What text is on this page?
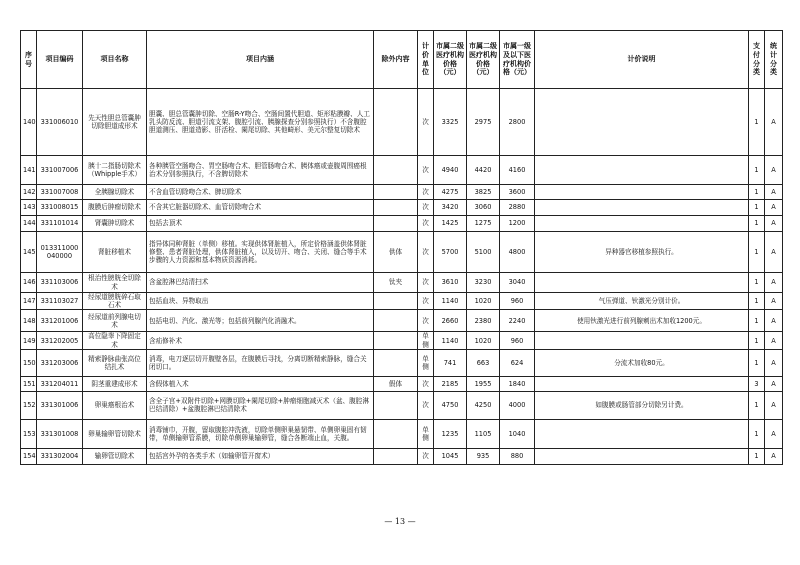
序号	项目编码	项目名称	项目内涵	除外内容	计价单位	市属二级医疗机构价格（元）	市属二级医疗机构价格（元）	市属一级及以下医疗机构价格（元）	计价说明	支付分类	统计分类
140	331006010	先天性胆总管囊肿切除胆道成形术	胆囊、胆总管囊肿切除、空肠R-Y吻合、空肠间置代胆道、矩形粘膜瓣、人工乳头防反流、胆道引流支架、腹腔引流、胰腺探查分别参照执行）不含腹腔胆道测压、胆道造影、肝活检、阑尾切除、其他畸形、美元尔整复切除术		次	3325	2975	2800		1	A
141	331007006	胰十二指肠切除术（Whipple手术）	各种胰管空肠吻合、胃空肠吻合术、胆管肠吻合术、胰体癌或壶腹周围癌根治术分别参照执行，不含脾切除术		次	4940	4420	4160		1	A
142	331007008	全胰腺切除术	不含血管切除吻合术、脾切除术		次	4275	3825	3600		1	A
143	331008015	腹膜后肿瘤切除术	不含其它脏器切除术、血管切除吻合术		次	3420	3060	2880		1	A
144	331101014	肾囊肿切除术	包括去顶术		次	1425	1275	1200		1	A
145	013311000040000	肾脏移植术	指异体同种肾脏（单侧）移植。实现供体肾脏植入，所定价格涵盖供体肾脏修整、患者肾脏处理，供体肾脏植入，以及切开、吻合、关闭、缝合等手术步骤的人力资源和基本物质资源消耗。	供体	次	5700	5100	4800	异种器官移植参照执行。	1	A
146	331103006	根治性膀胱全切除术	含盆腔淋巴结清扫术	钛夹	次	3610	3230	3040		1	A
147	331103027	经尿道膀胱碎石取石术	包括血块、异物取出		次	1140	1020	960	气压弹道、钬激光分别计价。	1	A
148	331201006	经尿道前列腺电切术	包括电切、汽化、激光等；包括前列腺汽化消融术。		次	2660	2380	2240	使用钬激光进行前列腺剜出术加收1200元。	1	A
149	331202005	高位隐睾下降固定术	含疝修补术		单侧	1140	1020	960		1	A
150	331203006	精索静脉曲张高位结扎术	消毒，电刀逐层切开腹壁各层，在腹膜后寻找，分离切断精索静脉，缝合关闭切口。		单侧	741	663	624	分流术加收80元。	1	A
151	331204011	阴茎重建成形术	含假体植入术	假体	次	2185	1955	1840		3	A
152	331301006	卵巢癌根治术	含全子宫+双附件切除+网膜切除+阑尾切除+肿瘤细胞减灭术（盆、腹腔淋巴结清除）+盆腹腔淋巴结清除术		次	4750	4250	4000	如腹膜或肠管部分切除另计费。	1	A
153	331301008	卵巢输卵管切除术	消毒铺巾，开腹，留取腹腔冲洗液，切除单侧卵巢悬韧带、单侧卵巢固有韧带，单侧输卵管系膜，切除单侧卵巢输卵管，缝合各断端止血，关腹。		单侧	1235	1105	1040		1	A
154	331302004	输卵管切除术	包括宫外孕的各类手术（如输卵管开窗术）		次	1045	935	880		1	A
— 13 —
